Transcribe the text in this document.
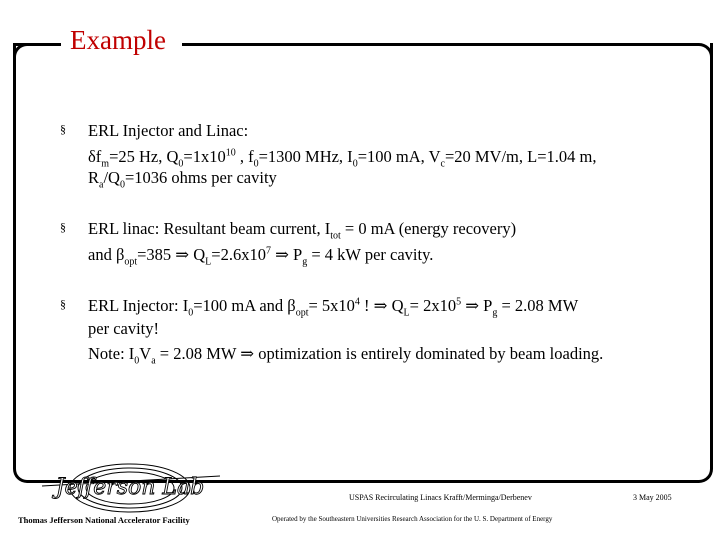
Example
§ ERL Injector and Linac:
$\delta f_m=25$ Hz, $Q_0=1x10^{10}$ , $f_0=1300$ MHz, $I_0=100$ mA, $V_c=20$ MV/m, L=1.04 m,
$R_a/Q_0=1036$ ohms per cavity
§ ERL linac: Resultant beam current, $I_{tot} = 0$ mA (energy recovery)
and $\beta_{opt}=385$ ⇒ $Q_L=2.6x10^7$ ⇒ $P_g = 4$ kW per cavity.
§ ERL Injector: $I_0=100$ mA and $\beta_{opt}= 5x10^4$ ! ⇒ $Q_L= 2x10^5$ ⇒ $P_g = 2.08$ MW
per cavity!
Note: $I_0V_a = 2.08$ MW ⇒ optimization is entirely dominated by beam loading.
Jefferson Lab	USPAS Recirculating Linacs Krafft/Merminga/Derbenev	3 May 2005
Thomas Jefferson National Accelerator Facility	Operated by the Southeastern Universities Research Association for the U. S. Department of Energy
